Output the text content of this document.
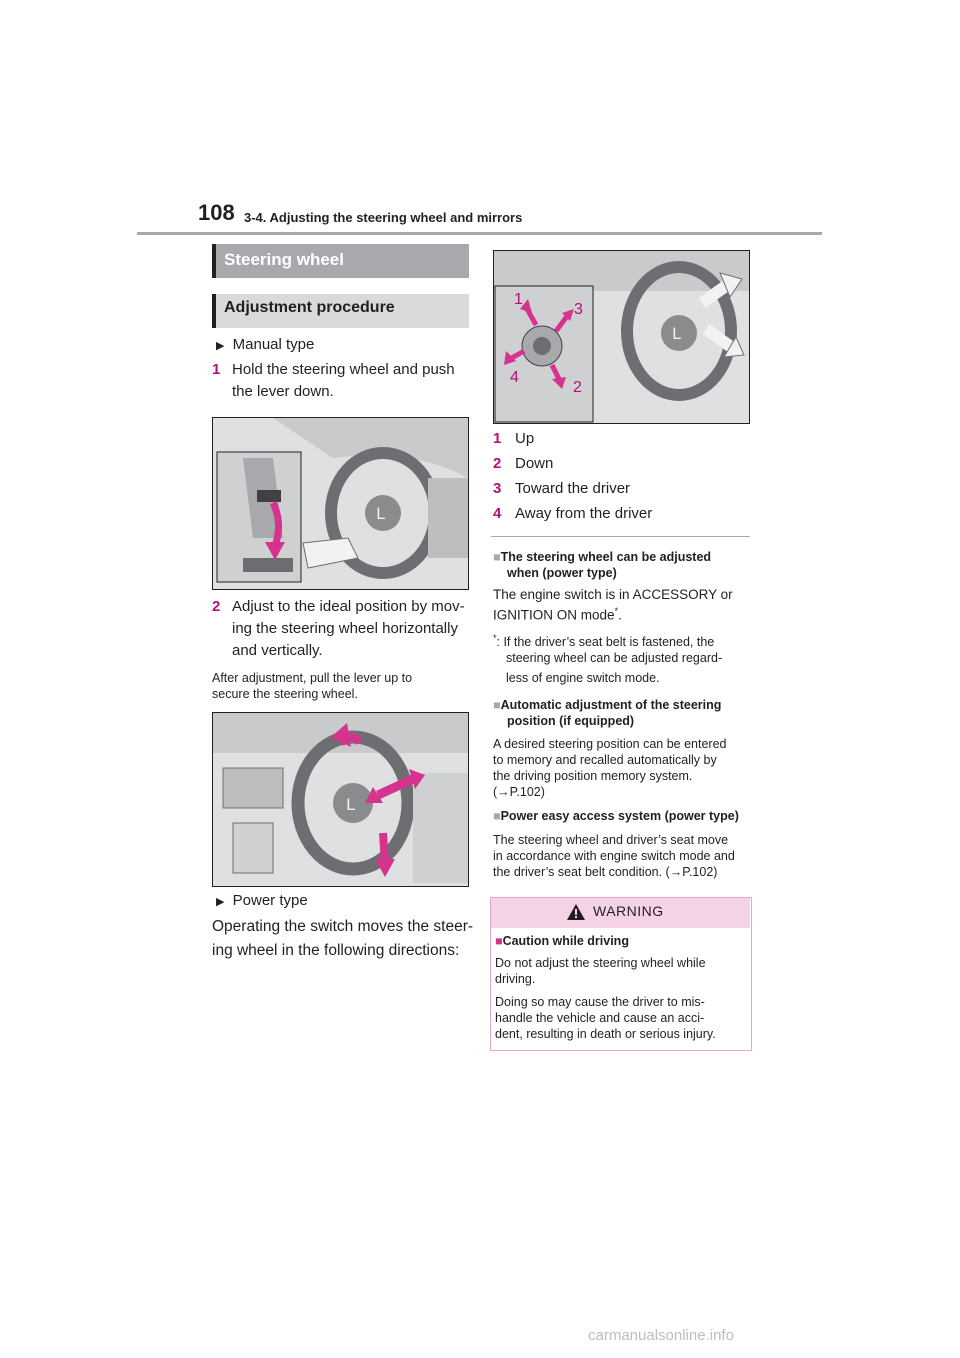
108 3-4. Adjusting the steering wheel and mirrors
Steering wheel
Adjustment procedure
▶ Manual type
1 Hold the steering wheel and push
the lever down.
L
2 Adjust to the ideal position by mov-
ing the steering wheel horizontally
and vertically.
After adjustment, pull the lever up to
secure the steering wheel.
L
▶ Power type
Operating the switch moves the steer-
ing wheel in the following directions:
L
1
2
3
4
1 Up
2 Down
3 Toward the driver
4 Away from the driver
■The steering wheel can be adjusted
when (power type)
The engine switch is in ACCESSORY or
IGNITION ON mode*.
*: If the driver’s seat belt is fastened, the
steering wheel can be adjusted regard-
less of engine switch mode.
■Automatic adjustment of the steering
position (if equipped)
A desired steering position can be entered
to memory and recalled automatically by
the driving position memory system.
(→P.102)
■Power easy access system (power type)
The steering wheel and driver’s seat move
in accordance with engine switch mode and
the driver’s seat belt condition. (→P.102)
WARNING
■Caution while driving
Do not adjust the steering wheel while
driving.
Doing so may cause the driver to mis-
handle the vehicle and cause an acci-
dent, resulting in death or serious injury.
carmanualsonline.info
